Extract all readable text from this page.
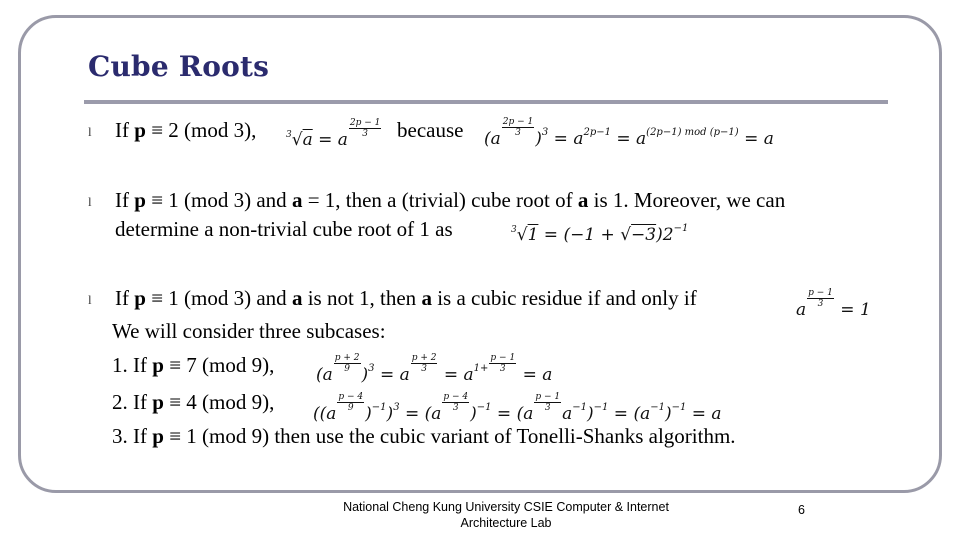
Cube Roots
l If p ≡ 2 (mod 3),	$^3$√a = a
$\frac{2p - 1}{3}$ because (a
$\frac{2p - 1}{3}$
)$^3 = a^{2p-1} = a^{(2p-1) mod (p-1)} = a$
l If p ≡ 1 (mod 3) and a = 1, then a (trivial) cube root of a is 1. Moreover, we can
determine a non-trivial cube root of 1 as	$^3√1 = (-1 + √-3)2^{-1}$
l If p ≡ 1 (mod 3) and a is not 1, then a is a cubic residue if and only if	a
$\frac{p - 1}{3}$
= 1
We will consider three subcases:
1. If p ≡ 7 (mod 9), (a
$\frac{p + 2}{9}$
)$^3$ = a
$\frac{p + 2}{3}$
= $a^{1+} \frac{p - 1}{3}$
= a
2. If p ≡ 4 (mod 9), ((a
$\frac{p - 4}{9}$
)$^{-1}$)$^3$ = (a
$\frac{p - 4}{3}$
)$^{-1}$ = (a
$\frac{p - 1}{3}$
$a^{-1})^{-1} = (a^{-1})^{-1} = a$
3. If p ≡ 1 (mod 9) then use the cubic variant of Tonelli-Shanks algorithm.
National Cheng Kung University CSIE Computer & Internet
Architecture Lab
6
